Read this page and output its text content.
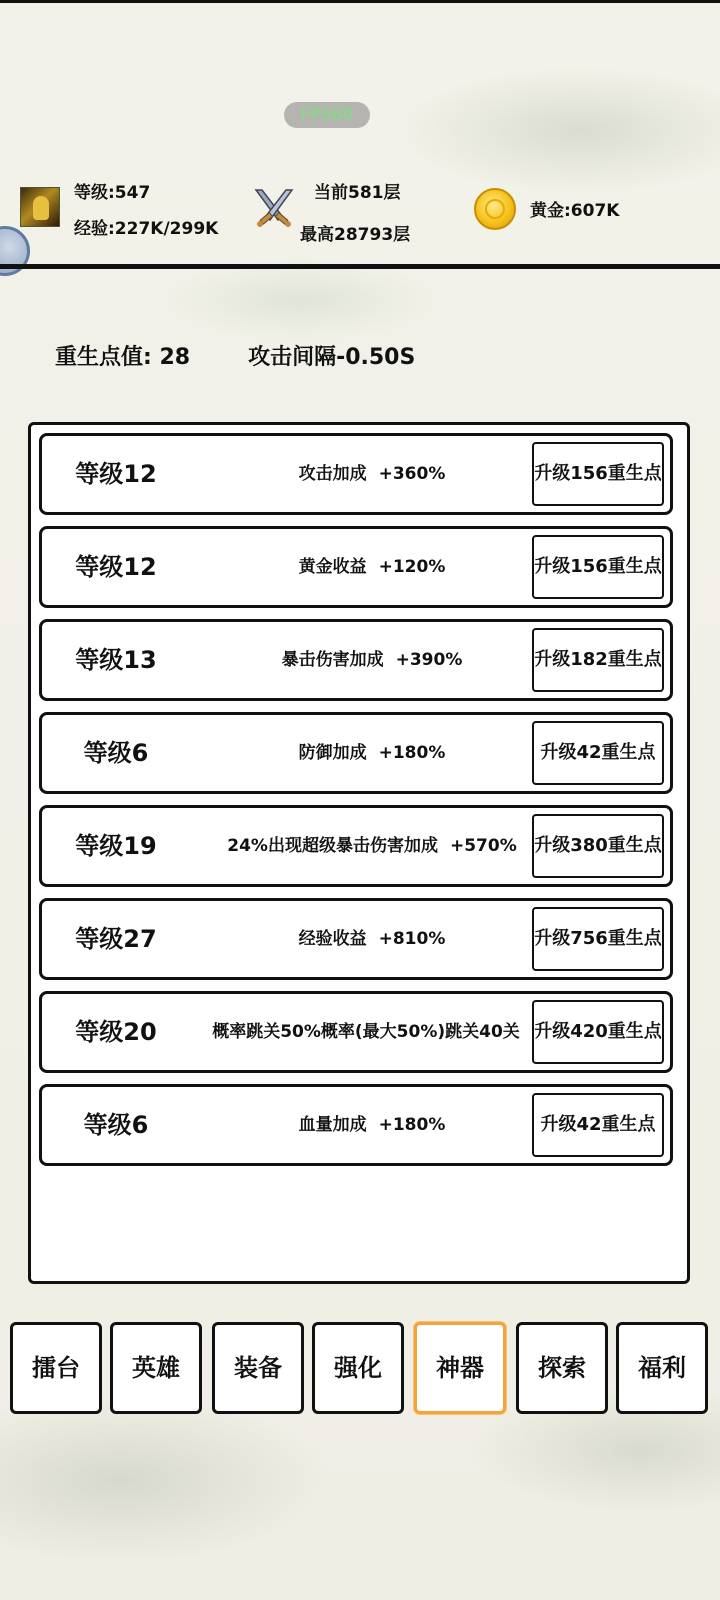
FPS60
等级:547
经验:227K/299K
当前581层
最高28793层
黄金:607K
重生点值: 28	攻击间隔-0.50S
等级12	攻击加成 +360%	升级156重生点
等级12	黄金收益 +120%	升级156重生点
等级13	暴击伤害加成 +390%	升级182重生点
等级6	防御加成 +180%	升级42重生点
等级19	24%出现超级暴击伤害加成 +570% 升级380重生点
等级27	经验收益 +810%	升级756重生点
等级20	概率跳关50%概率(最大50%)跳关40关 升级420重生点
等级6	血量加成 +180%	升级42重生点
擂台	英雄	装备	强化	神器	探索	福利
